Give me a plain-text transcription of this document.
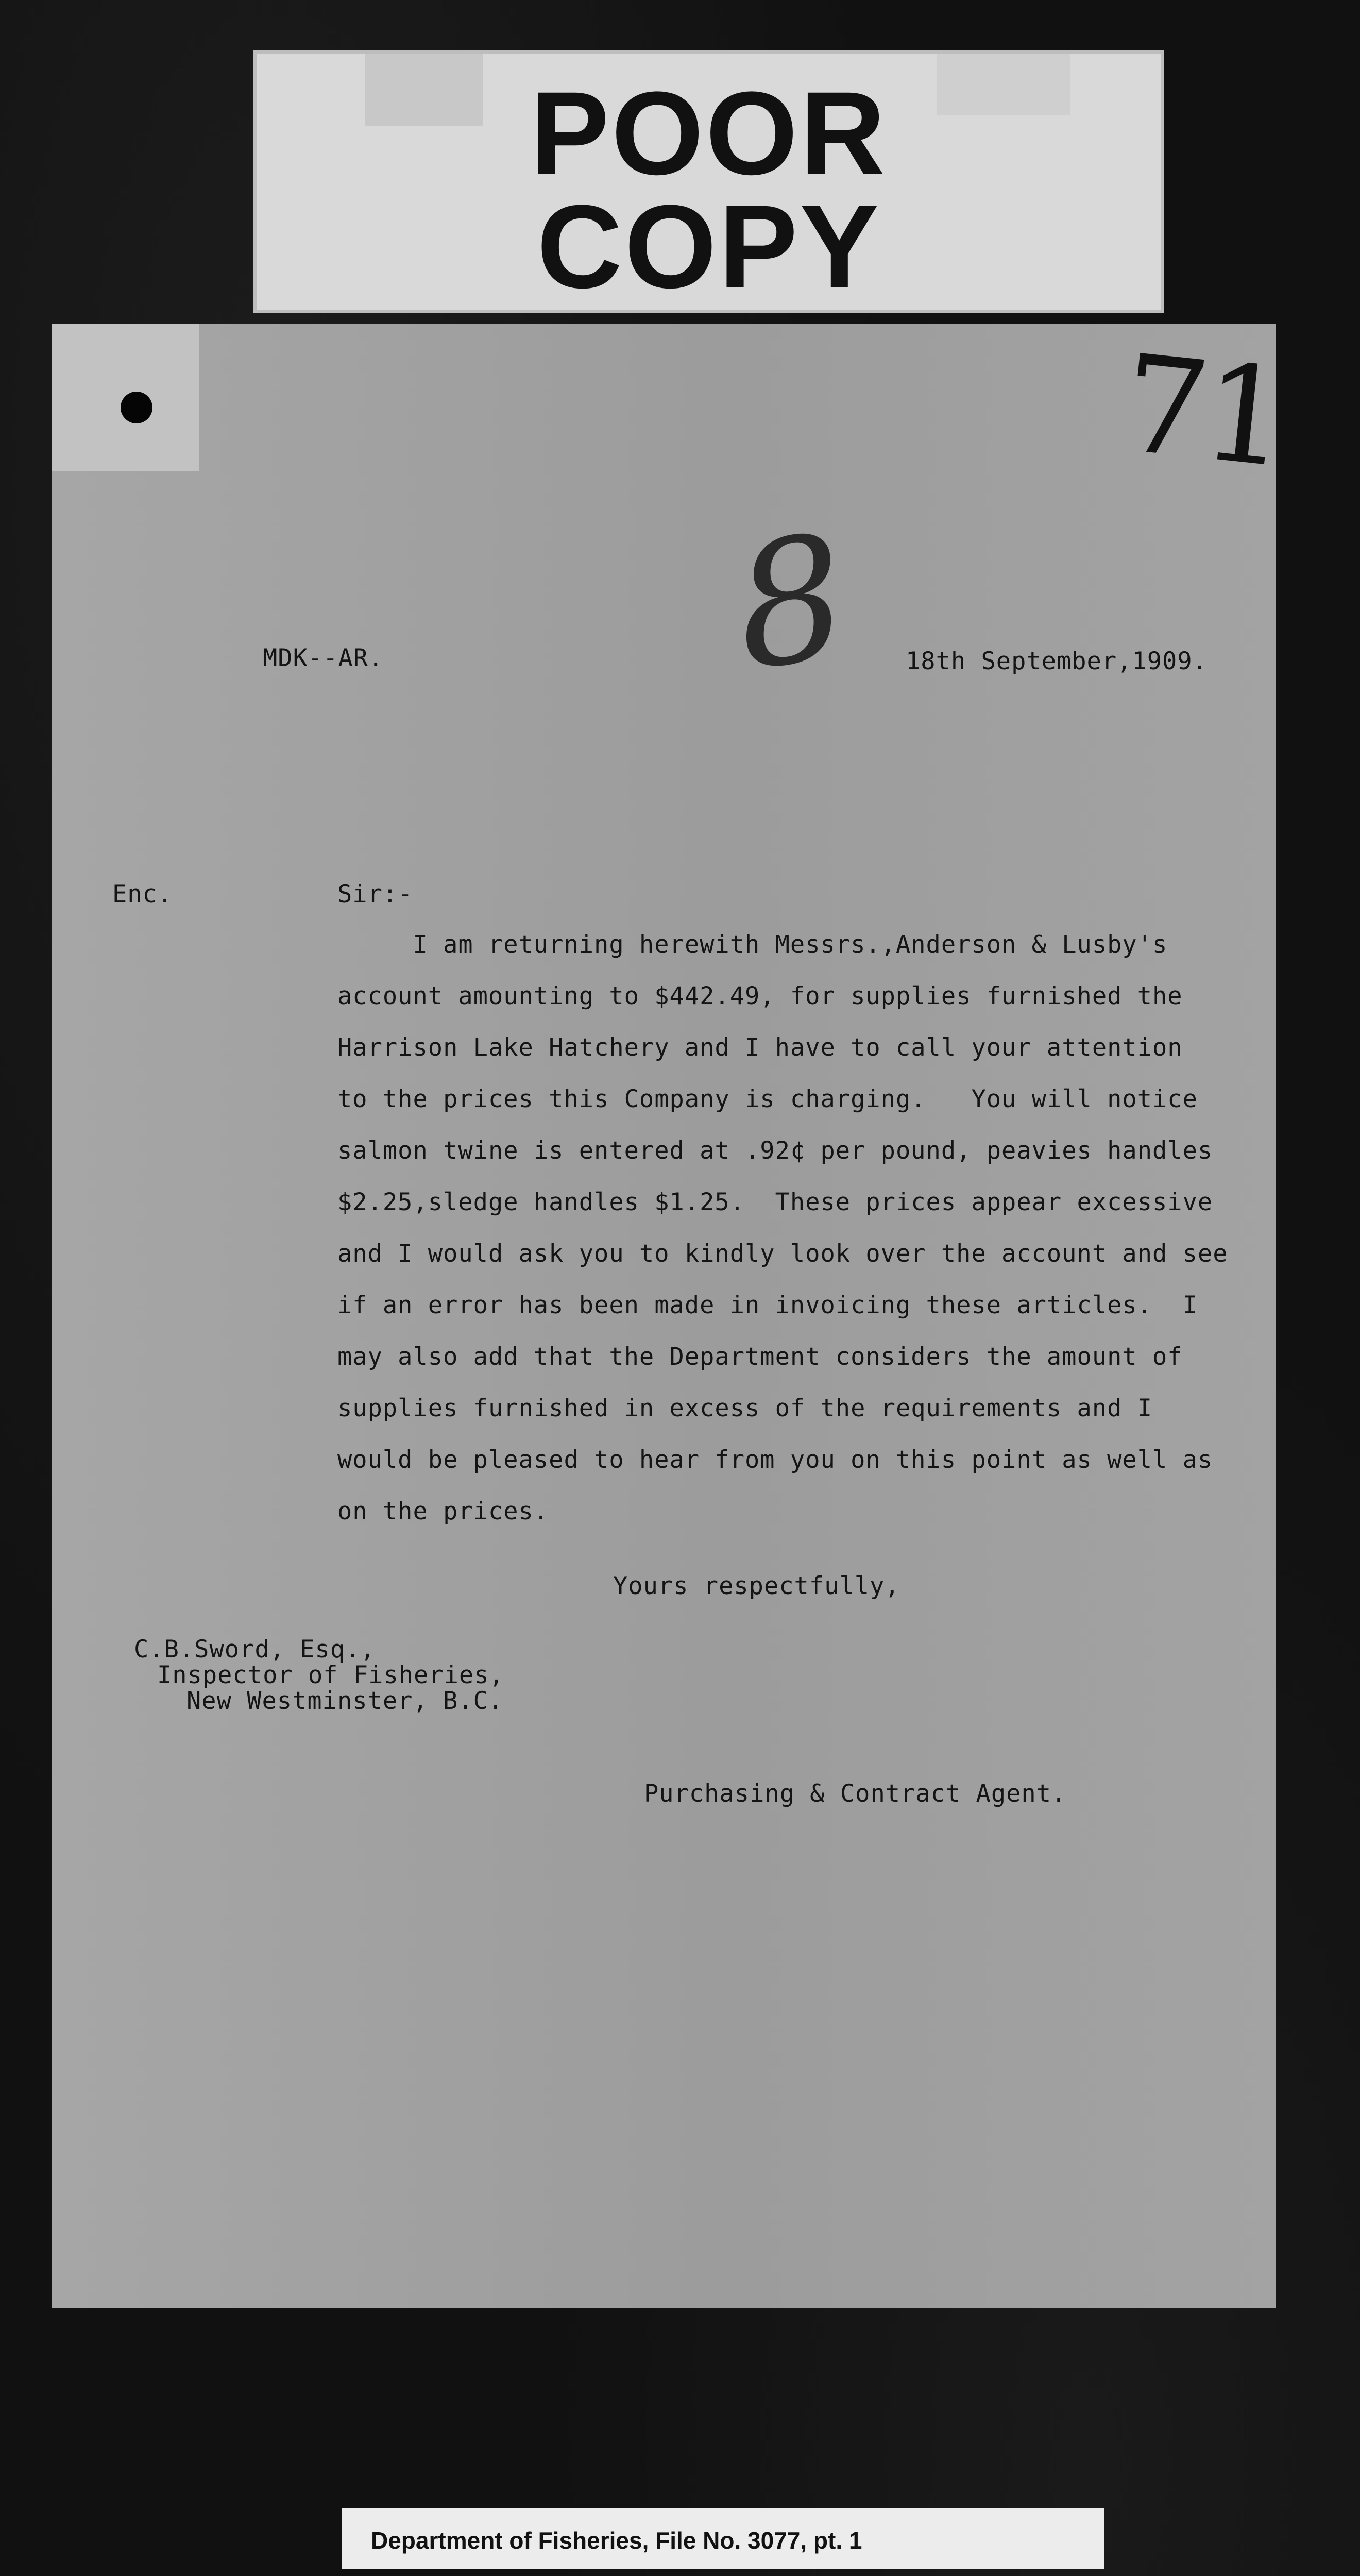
POOR
COPY
71
8
MDK--AR.	18th September,1909.
Enc.	Sir:-
I am returning herewith Messrs.,Anderson & Lusby's
account amounting to $442.49, for supplies furnished the
Harrison Lake Hatchery and I have to call your attention
to the prices this Company is charging.   You will notice
salmon twine is entered at .92¢ per pound, peavies handles
$2.25,sledge handles $1.25.  These prices appear excessive
and I would ask you to kindly look over the account and see
if an error has been made in invoicing these articles.  I
may also add that the Department considers the amount of
supplies furnished in excess of the requirements and I
would be pleased to hear from you on this point as well as
on the prices.
Yours respectfully,
C.B.Sword, Esq.,
Inspector of Fisheries,
New Westminster, B.C.
Purchasing & Contract Agent.
Department of Fisheries, File No. 3077, pt. 1
